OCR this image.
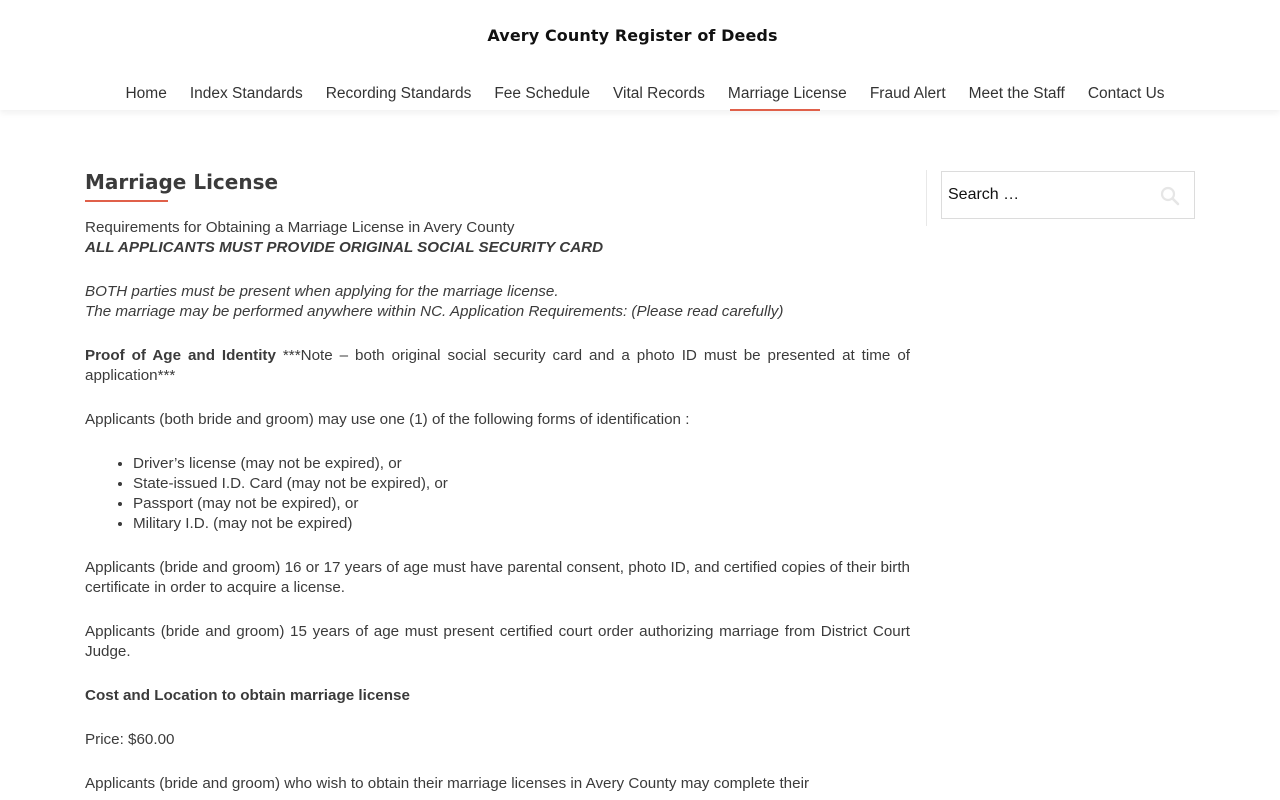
Avery County Register of Deeds
Home	Index Standards	Recording Standards	Fee Schedule	Vital Records	Marriage License	Fraud Alert	Meet the Staff	Contact Us
Marriage License

Requirements for Obtaining a Marriage License in Avery County
ALL APPLICANTS MUST PROVIDE ORIGINAL SOCIAL SECURITY CARD

BOTH parties must be present when applying for the marriage license.
The marriage may be performed anywhere within NC. Application Requirements: (Please read carefully)

Proof of Age and Identity ***Note – both original social security card and a photo ID must be presented at time of application***

Applicants (both bride and groom) may use one (1) of the following forms of identification :

• Driver’s license (may not be expired), or
• State-issued I.D. Card (may not be expired), or
• Passport (may not be expired), or
• Military I.D. (may not be expired)

Applicants (bride and groom) 16 or 17 years of age must have parental consent, photo ID, and certified copies of their birth certificate in order to acquire a license.

Applicants (bride and groom) 15 years of age must present certified court order authorizing marriage from District Court Judge.

Cost and Location to obtain marriage license

Price: $60.00

Applicants (bride and groom) who wish to obtain their marriage licenses in Avery County may complete their

Search …
